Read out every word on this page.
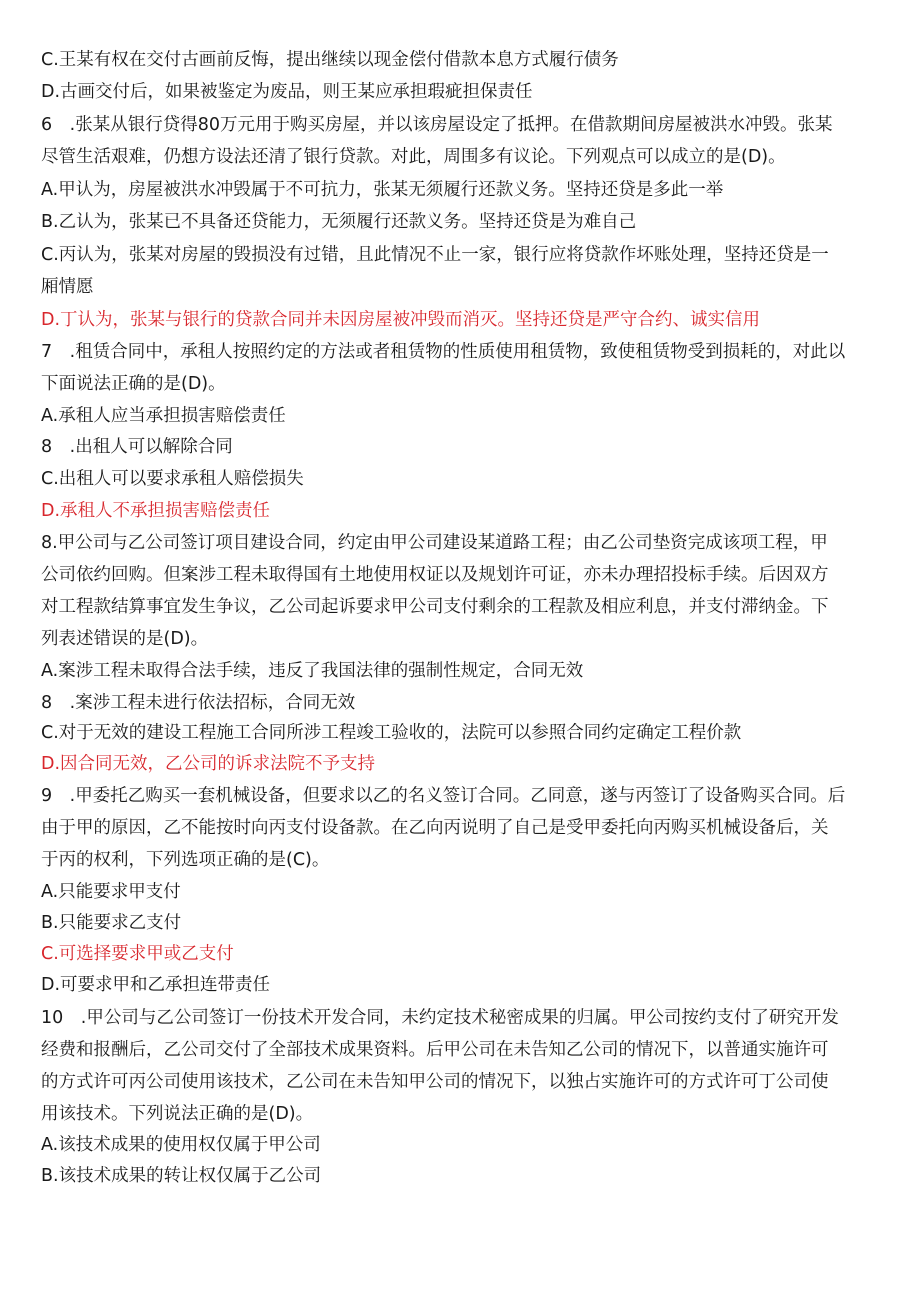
C.王某有权在交付古画前反悔，提出继续以现金偿付借款本息方式履行债务
D.古画交付后，如果被鉴定为废品，则王某应承担瑕疵担保责任
6　.张某从银行贷得80万元用于购买房屋，并以该房屋设定了抵押。在借款期间房屋被洪水冲毁。张某
尽管生活艰难，仍想方设法还清了银行贷款。对此，周围多有议论。下列观点可以成立的是(D)。
A.甲认为，房屋被洪水冲毁属于不可抗力，张某无须履行还款义务。坚持还贷是多此一举
B.乙认为，张某已不具备还贷能力，无须履行还款义务。坚持还贷是为难自己
C.丙认为，张某对房屋的毁损没有过错，且此情况不止一家，银行应将贷款作坏账处理，坚持还贷是一
厢情愿
D.丁认为，张某与银行的贷款合同并未因房屋被冲毁而消灭。坚持还贷是严守合约、诚实信用
7　.租赁合同中，承租人按照约定的方法或者租赁物的性质使用租赁物，致使租赁物受到损耗的，对此以
下面说法正确的是(D)。
A.承租人应当承担损害赔偿责任
8　.出租人可以解除合同
C.出租人可以要求承租人赔偿损失
D.承租人不承担损害赔偿责任
8.甲公司与乙公司签订项目建设合同，约定由甲公司建设某道路工程；由乙公司垫资完成该项工程，甲
公司依约回购。但案涉工程未取得国有土地使用权证以及规划许可证，亦未办理招投标手续。后因双方
对工程款结算事宜发生争议，乙公司起诉要求甲公司支付剩余的工程款及相应利息，并支付滞纳金。下
列表述错误的是(D)。
A.案涉工程未取得合法手续，违反了我国法律的强制性规定，合同无效
8　.案涉工程未进行依法招标，合同无效
C.对于无效的建设工程施工合同所涉工程竣工验收的，法院可以参照合同约定确定工程价款
D.因合同无效，乙公司的诉求法院不予支持
9　.甲委托乙购买一套机械设备，但要求以乙的名义签订合同。乙同意，遂与丙签订了设备购买合同。后
由于甲的原因，乙不能按时向丙支付设备款。在乙向丙说明了自己是受甲委托向丙购买机械设备后，关
于丙的权利，下列选项正确的是(C)。
A.只能要求甲支付
B.只能要求乙支付
C.可选择要求甲或乙支付
D.可要求甲和乙承担连带责任
10　.甲公司与乙公司签订一份技术开发合同，未约定技术秘密成果的归属。甲公司按约支付了研究开发
经费和报酬后，乙公司交付了全部技术成果资料。后甲公司在未告知乙公司的情况下，以普通实施许可
的方式许可丙公司使用该技术，乙公司在未告知甲公司的情况下，以独占实施许可的方式许可丁公司使
用该技术。下列说法正确的是(D)。
A.该技术成果的使用权仅属于甲公司
B.该技术成果的转让权仅属于乙公司
